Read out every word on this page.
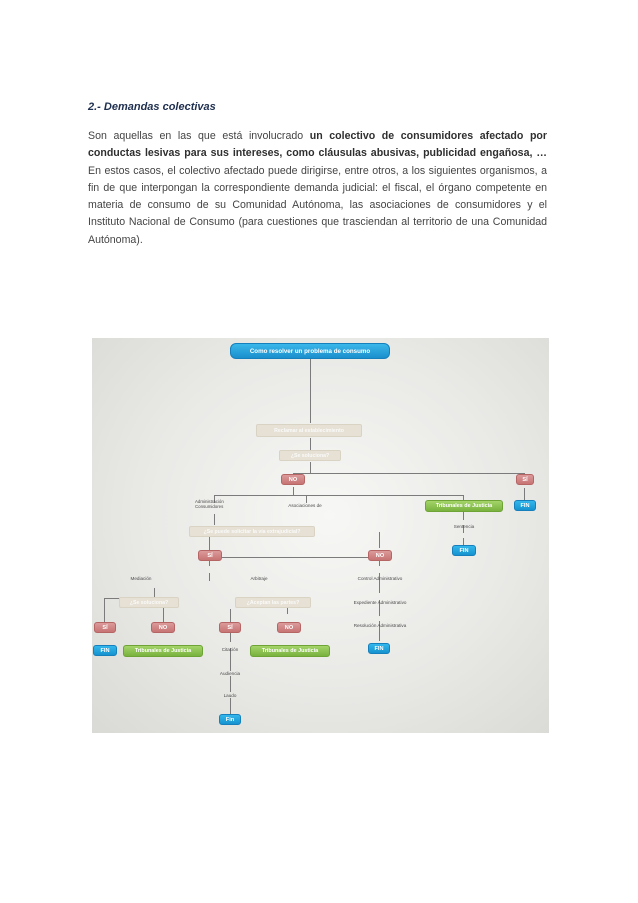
2.- Demandas colectivas
Son aquellas en las que está involucrado un colectivo de consumidores afectado por conductas lesivas para sus intereses, como cláusulas abusivas, publicidad engañosa, … En estos casos, el colectivo afectado puede dirigirse, entre otros, a los siguientes organismos, a fin de que interpongan la correspondiente demanda judicial: el fiscal, el órgano competente en materia de consumo de su Comunidad Autónoma, las asociaciones de consumidores y el Instituto Nacional de Consumo (para cuestiones que trasciendan al territorio de una Comunidad Autónoma).
Como resolver un problema de consumo
Reclamar al establecimiento
¿Se soluciona?
NO	SÍ
FIN
Administración Consumidores	Asociaciones de	Tribunales de Justicia
Sentencia
FIN
¿Se puede solicitar la vía extrajudicial?
SÍ	NO
Mediación	Arbitraje	Control Administrativo
Expediente Administrativo
Resolución Administrativa
FIN
¿Se soluciona?	¿Aceptan las partes?
SÍ	NO	SÍ	NO
FIN	Tribunales de Justicia	Citación	Tribunales de Justicia
Audiencia
Laudo
Fin
